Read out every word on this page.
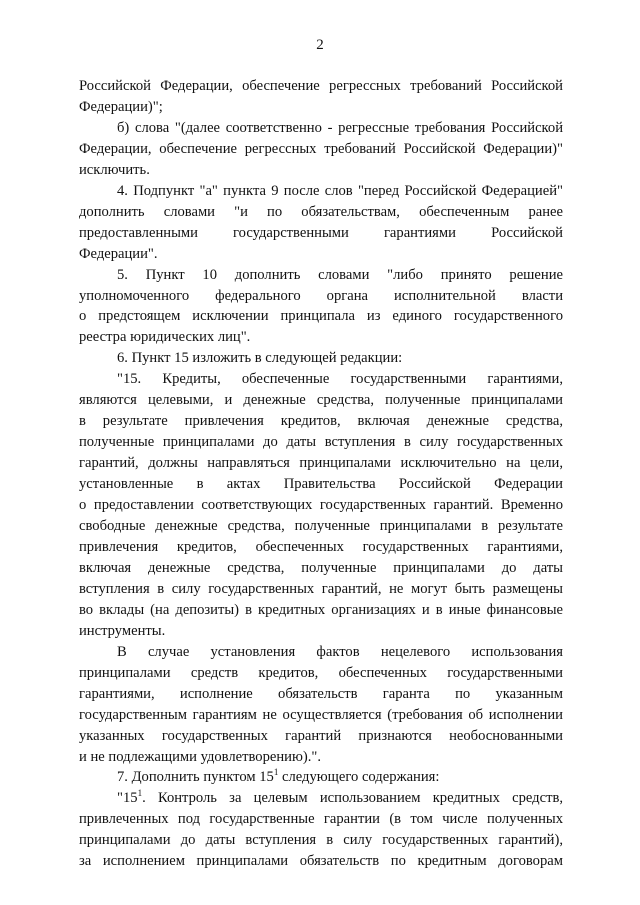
2

Российской Федерации, обеспечение регрессных требований Российской

Федерации)";

б) слова "(далее соответственно - регрессные требования Российской

Федерации, обеспечение регрессных требований Российской Федерации)"

исключить.

4. Подпункт "а" пункта 9 после слов "перед Российской Федерацией"

дополнить словами "и по обязательствам, обеспеченным ранее

предоставленными государственными гарантиями Российской

Федерации".

5. Пункт 10 дополнить словами "либо принято решение

уполномоченного федерального органа исполнительной власти

о предстоящем исключении принципала из единого государственного

реестра юридических лиц".

6. Пункт 15 изложить в следующей редакции:

"15. Кредиты, обеспеченные государственными гарантиями,

являются целевыми, и денежные средства, полученные принципалами

в результате привлечения кредитов, включая денежные средства,

полученные принципалами до даты вступления в силу государственных

гарантий, должны направляться принципалами исключительно на цели,

установленные в актах Правительства Российской Федерации

о предоставлении соответствующих государственных гарантий. Временно

свободные денежные средства, полученные принципалами в результате

привлечения кредитов, обеспеченных государственных гарантиями,

включая денежные средства, полученные принципалами до даты

вступления в силу государственных гарантий, не могут быть размещены

во вклады (на депозиты) в кредитных организациях и в иные финансовые

инструменты.

В случае установления фактов нецелевого использования

принципалами средств кредитов, обеспеченных государственными

гарантиями, исполнение обязательств гаранта по указанным

государственным гарантиям не осуществляется (требования об исполнении

указанных государственных гарантий признаются необоснованными

и не подлежащими удовлетворению).".

7. Дополнить пунктом $15^1$ следующего содержания:

"$15^1$. Контроль за целевым использованием кредитных средств,

привлеченных под государственные гарантии (в том числе полученных

принципалами до даты вступления в силу государственных гарантий),

за исполнением принципалами обязательств по кредитным договорам
